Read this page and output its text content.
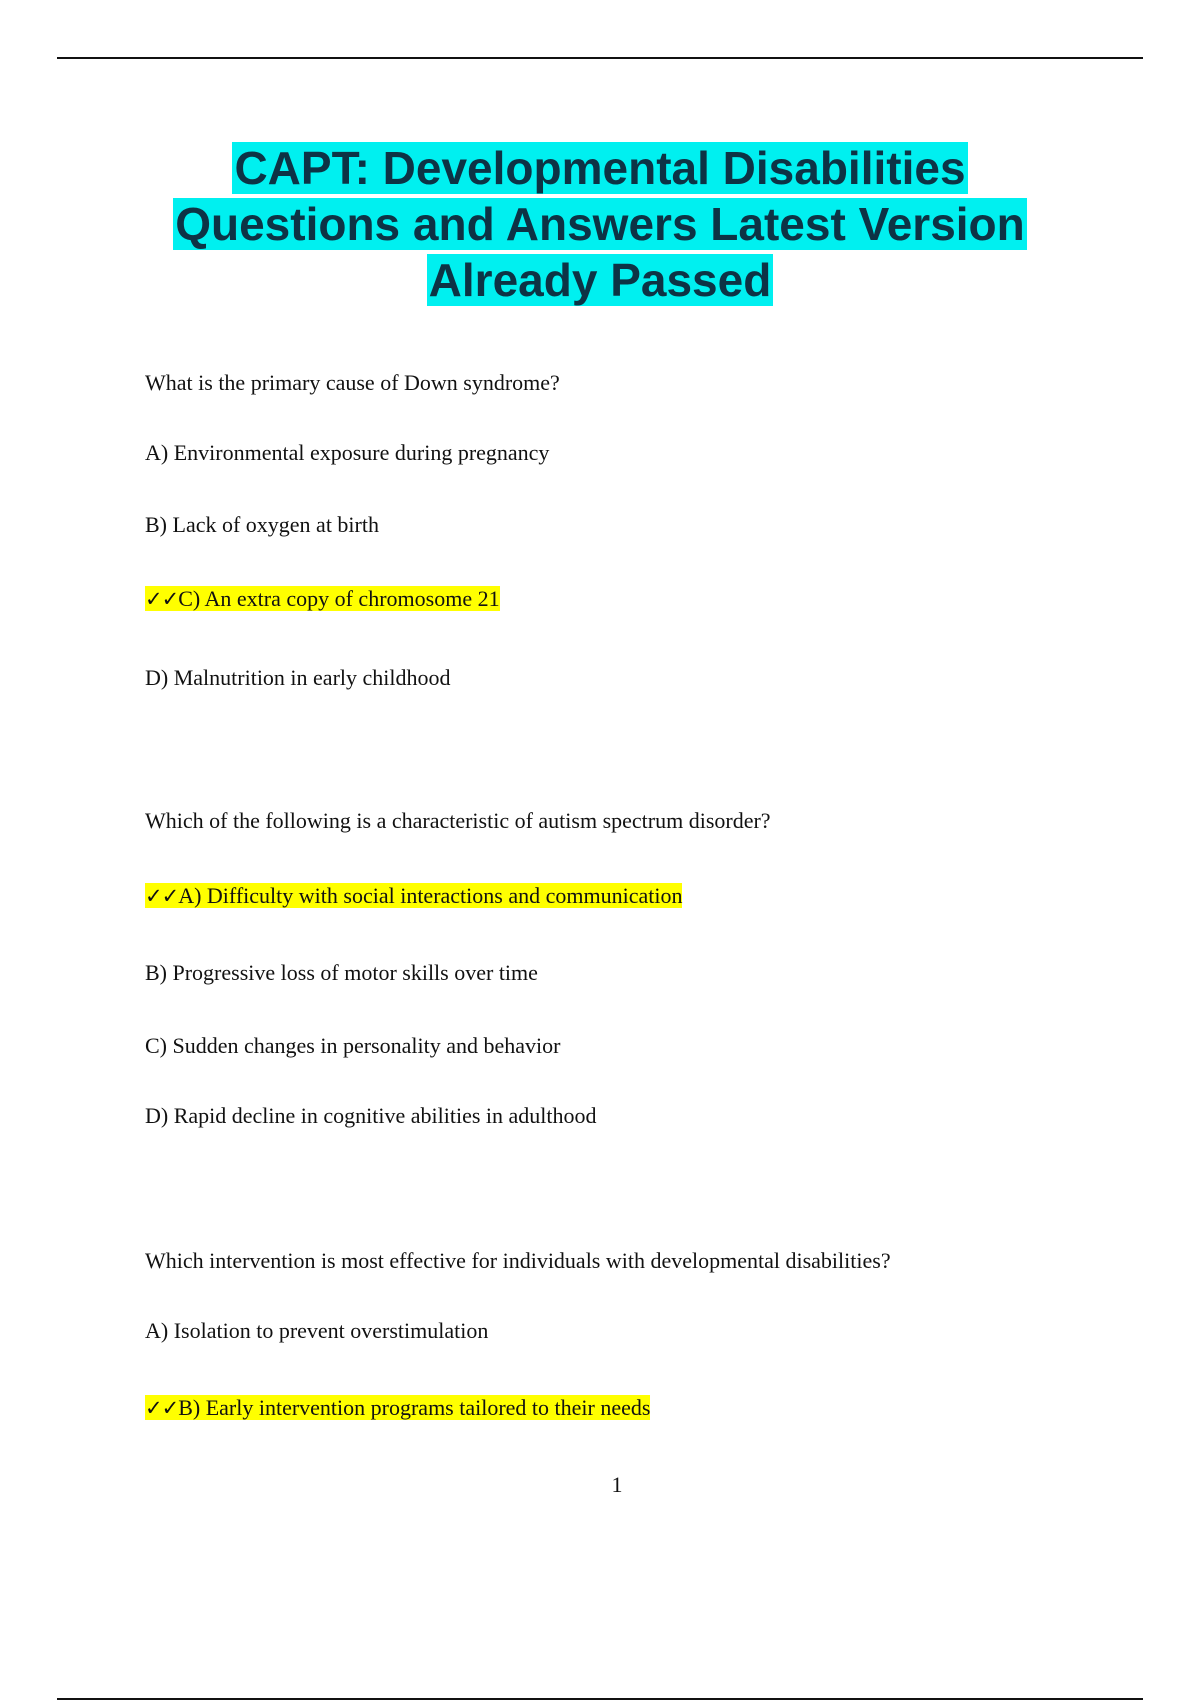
CAPT: Developmental Disabilities
Questions and Answers Latest Version
Already Passed

What is the primary cause of Down syndrome?

A) Environmental exposure during pregnancy

B) Lack of oxygen at birth

✓✓C) An extra copy of chromosome 21

D) Malnutrition in early childhood

Which of the following is a characteristic of autism spectrum disorder?

✓✓A) Difficulty with social interactions and communication

B) Progressive loss of motor skills over time

C) Sudden changes in personality and behavior

D) Rapid decline in cognitive abilities in adulthood

Which intervention is most effective for individuals with developmental disabilities?

A) Isolation to prevent overstimulation

✓✓B) Early intervention programs tailored to their needs

1
